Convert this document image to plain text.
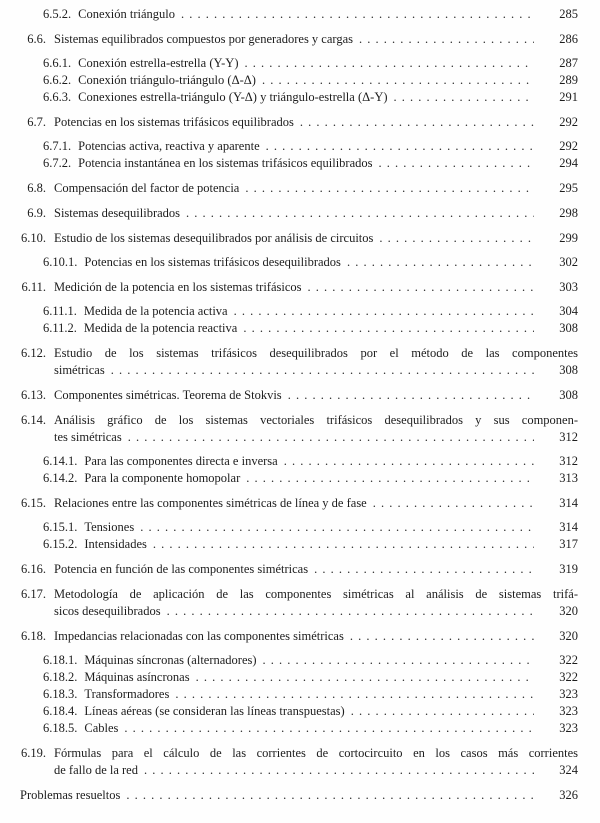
6.5.2. Conexión triángulo . . .	285
6.6. Sistemas equilibrados compuestos por generadores y cargas . . .	286
6.6.1. Conexión estrella-estrella (Y-Y) . . .	287
6.6.2. Conexión triángulo-triángulo (Δ-Δ) . . .	289
6.6.3. Conexiones estrella-triángulo (Y-Δ) y triángulo-estrella (Δ-Y) . . .	291
6.7. Potencias en los sistemas trifásicos equilibrados . . .	292
6.7.1. Potencias activa, reactiva y aparente . . .	292
6.7.2. Potencia instantánea en los sistemas trifásicos equilibrados . . .	294
6.8. Compensación del factor de potencia . . .	295
6.9. Sistemas desequilibrados . . .	298
6.10. Estudio de los sistemas desequilibrados por análisis de circuitos . . .	299
6.10.1. Potencias en los sistemas trifásicos desequilibrados . . .	302
6.11. Medición de la potencia en los sistemas trifásicos . . .	303
6.11.1. Medida de la potencia activa . . .	304
6.11.2. Medida de la potencia reactiva . . .	308
6.12. Estudio de los sistemas trifásicos desequilibrados por el método de las componentes
simétricas . . .	308
6.13. Componentes simétricas. Teorema de Stokvis . . .	308
6.14. Análisis gráfico de los sistemas vectoriales trifásicos desequilibrados y sus componen-
tes simétricas . . .	312
6.14.1. Para las componentes directa e inversa . . .	312
6.14.2. Para la componente homopolar . . .	313
6.15. Relaciones entre las componentes simétricas de línea y de fase . . .	314
6.15.1. Tensiones . . .	314
6.15.2. Intensidades . . .	317
6.16. Potencia en función de las componentes simétricas . . .	319
6.17. Metodología de aplicación de las componentes simétricas al análisis de sistemas trifá-
sicos desequilibrados . . .	320
6.18. Impedancias relacionadas con las componentes simétricas . . .	320
6.18.1. Máquinas síncronas (alternadores) . . .	322
6.18.2. Máquinas asíncronas . . .	322
6.18.3. Transformadores . . .	323
6.18.4. Líneas aéreas (se consideran las líneas transpuestas) . . .	323
6.18.5. Cables . . .	323
6.19. Fórmulas para el cálculo de las corrientes de cortocircuito en los casos más corrientes
de fallo de la red . . .	324
Problemas resueltos . . .	326
